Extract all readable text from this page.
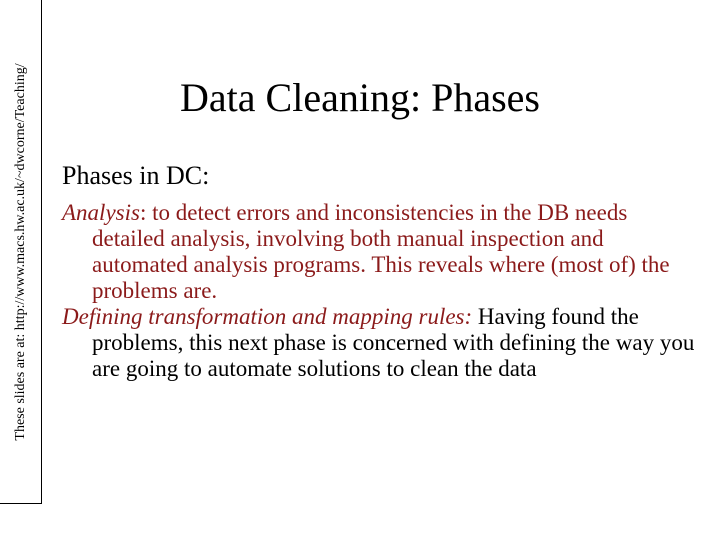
These slides are at: http://www.macs.hw.ac.uk/~dwcorne/Teaching/	Data Cleaning: Phases

Phases in DC:

Analysis: to detect errors and inconsistencies in the DB needs detailed analysis, involving both manual inspection and automated analysis programs. This reveals where (most of) the problems are.

Defining transformation and mapping rules: Having found the problems, this next phase is concerned with defining the way you are going to automate solutions to clean the data
